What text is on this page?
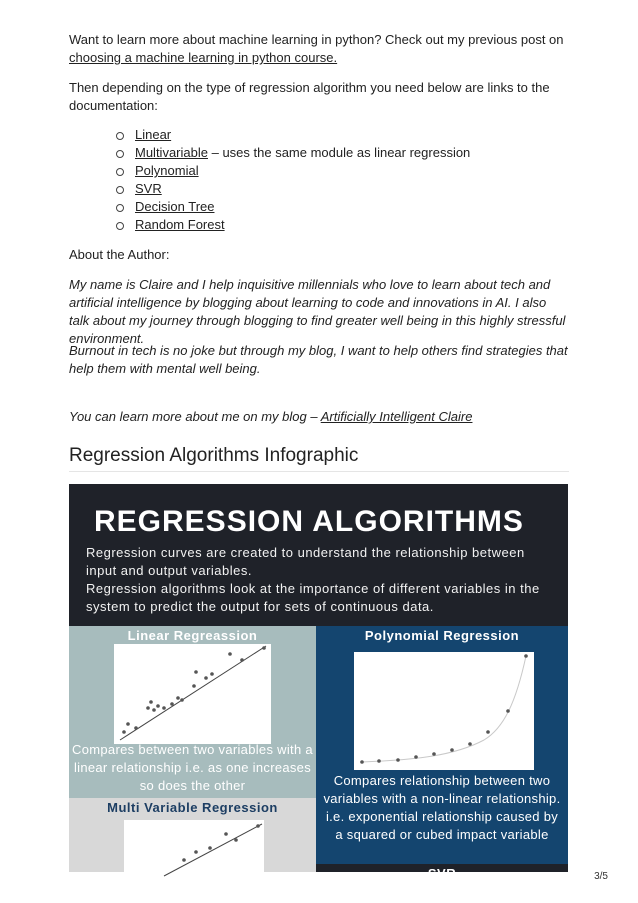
Want to learn more about machine learning in python? Check out my previous post on choosing a machine learning in python course.

Then depending on the type of regression algorithm you need below are links to the documentation:

Linear
Multivariable – uses the same module as linear regression
Polynomial
SVR
Decision Tree
Random Forest

About the Author:

My name is Claire and I help inquisitive millennials who love to learn about tech and artificial intelligence by blogging about learning to code and innovations in AI. I also talk about my journey through blogging to find greater well being in this highly stressful environment.

Burnout in tech is no joke but through my blog, I want to help others find strategies that help them with mental well being.

You can learn more about me on my blog – Artificially Intelligent Claire

Regression Algorithms Infographic
REGRESSION ALGORITHMS
Regression curves are created to understand the relationship between input and output variables.
Regression algorithms look at the importance of different variables in the system to predict the output for sets of continuous data.
Linear Regreassion
Compares between two variables with a linear relationship i.e. as one increases so does the other
Polynomial Regression
Compares relationship between two variables with a non-linear relationship. i.e. exponential relationship caused by a squared or cubed impact variable
Multi Variable Regression
SVR	3/5
